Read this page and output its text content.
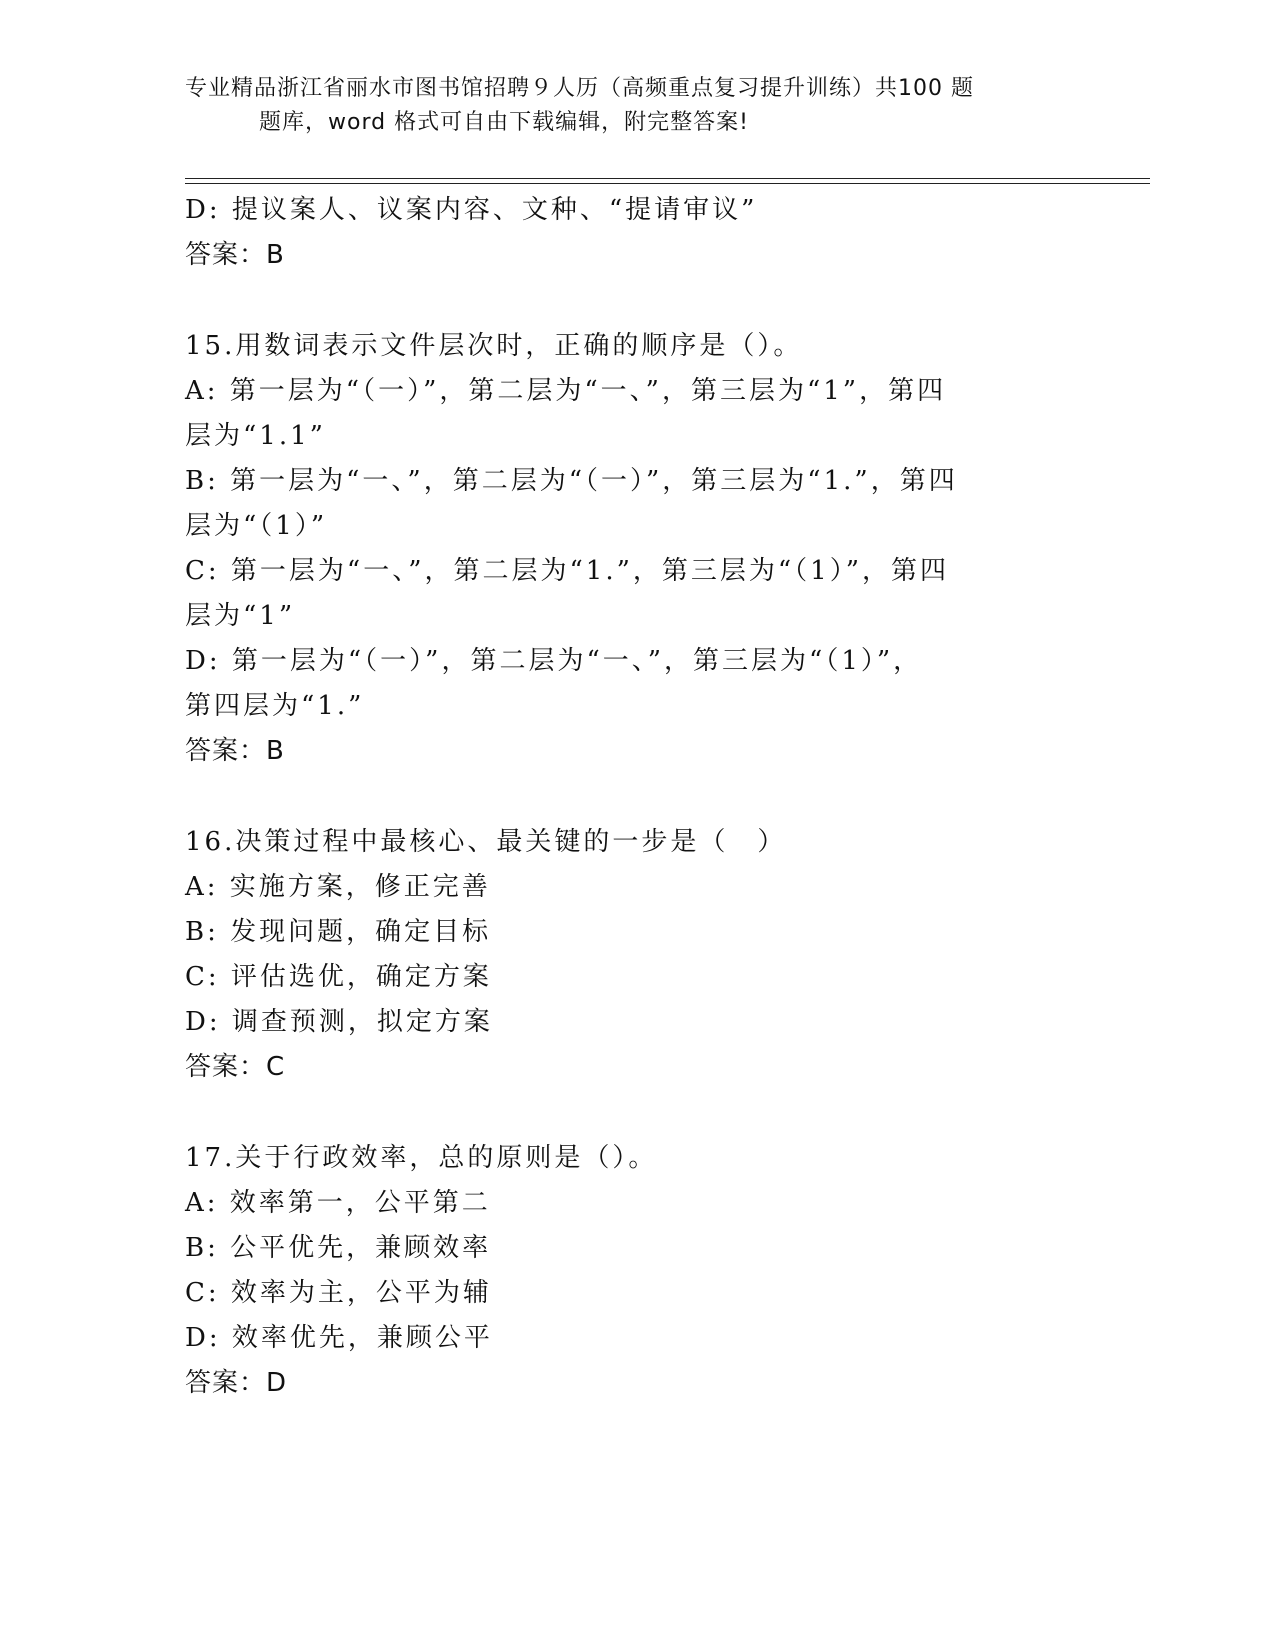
专业精品浙江省丽水市图书馆招聘９人历（高频重点复习提升训练）共100 题

题库，word 格式可自由下载编辑，附完整答案!
D: 提议案人、议案内容、文种、“提请审议”
答案：B
15.用数词表示文件层次时，正确的顺序是（）。
A: 第一层为“（一）”，第二层为“一、”，第三层为“1”，第四
层为“1.1”
B: 第一层为“一、”，第二层为“（一）”，第三层为“1.”，第四
层为“（1）”
C: 第一层为“一、”，第二层为“1.”，第三层为“（1）”，第四
层为“1”
D: 第一层为“（一）”，第二层为“一、”，第三层为“（1）”，
第四层为“1.”
答案：B
16.决策过程中最核心、最关键的一步是（　）
A: 实施方案，修正完善
B: 发现问题，确定目标
C: 评估选优，确定方案
D: 调查预测，拟定方案
答案：C
17.关于行政效率，总的原则是（）。
A: 效率第一，公平第二
B: 公平优先，兼顾效率
C: 效率为主，公平为辅
D: 效率优先，兼顾公平
答案：D
